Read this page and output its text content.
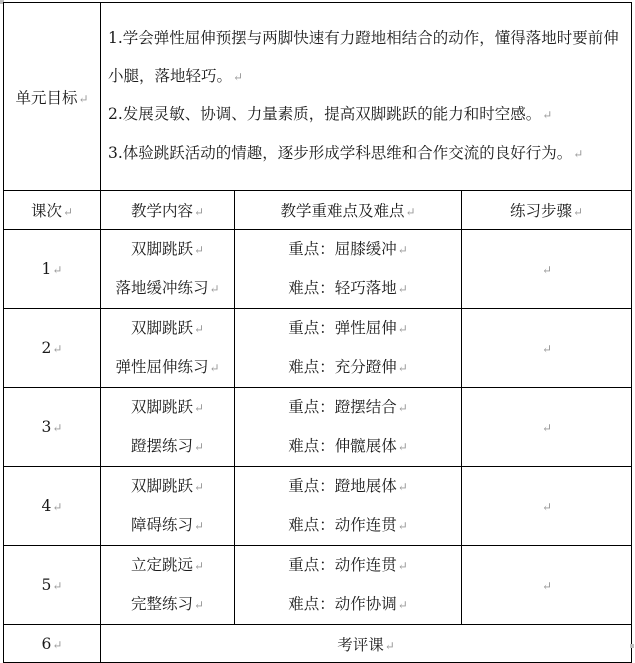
单元目标↵	1.学会弹性屈伸预摆与两脚快速有力蹬地相结合的动作，懂得落地时要前伸小腿，落地轻巧。↵

2.发展灵敏、协调、力量素质，提高双脚跳跃的能力和时空感。↵

3.体验跳跃活动的情趣，逐步形成学科思维和合作交流的良好行为。↵		

课次↵	教学内容↵	教学重难点及难点↵	练习步骤↵
1↵	
双脚跳跃↵
落地缓冲练习↵

重点：屈膝缓冲↵
难点：轻巧落地↵
	↵
2↵	
双脚跳跃↵
弹性屈伸练习↵

重点：弹性屈伸↵
难点：充分蹬伸↵
	↵
3↵	
双脚跳跃↵
蹬摆练习↵

重点：蹬摆结合↵
难点：伸髋展体↵
	↵
4↵	
双脚跳跃↵
障碍练习↵

重点：蹬地展体↵
难点：动作连贯↵
	↵
5↵	
立定跳远↵
完整练习↵

重点：动作连贯↵
难点：动作协调↵
	↵
6↵	考评课↵		
